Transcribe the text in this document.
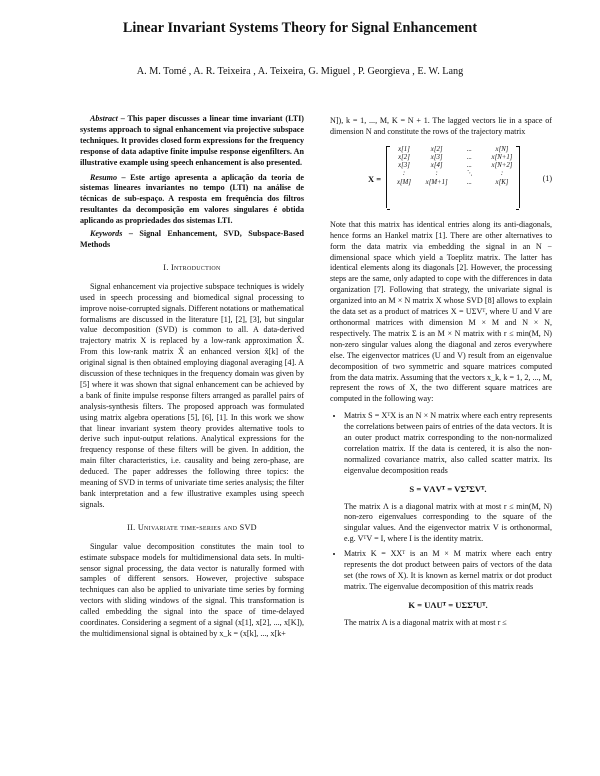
Linear Invariant Systems Theory for Signal Enhancement
A. M. Tomé , A. R. Teixeira , A. Teixeira, G. Miguel , P. Georgieva , E. W. Lang

Abstract – This paper discusses a linear time invariant (LTI) systems approach to signal enhancement via projective subspace techniques. It provides closed form expressions for the frequency response of data adaptive finite impulse response eigenfilters. An illustrative example using speech enhancement is also presented.

Resumo – Este artigo apresenta a aplicação da teoria de sistemas lineares invariantes no tempo (LTI) na análise de técnicas de sub-espaço. A resposta em frequência dos filtros resultantes da decomposição em valores singulares é obtida aplicando as propriedades dos sistemas LTI.

Keywords – Signal Enhancement, SVD, Subspace-Based Methods

I. Introduction

Signal enhancement via projective subspace techniques is widely used in speech processing and biomedical signal processing to improve noise-corrupted signals. Different notations or mathematical formalisms are discussed in the literature [1], [2], [3], but singular value decomposition (SVD) is common to all. A data-derived trajectory matrix X is replaced by a low-rank approximation X̂. From this low-rank matrix X̂ an enhanced version x̂[k] of the original signal is then obtained employing diagonal averaging [4]. A discussion of these techniques in the frequency domain was given by [5] where it was shown that signal enhancement can be achieved by a bank of finite impulse response filters arranged as parallel pairs of analysis-synthesis filters. The proposed approach was formulated using matrix algebra operations [5], [6], [1]. In this work we show that linear invariant system theory provides alternative tools to derive such input-output relations. Analytical expressions for the frequency response of these filters will be given. In addition, the main filter characteristics, i.e. causality and being zero-phase, are deduced. The paper addresses the following three topics: the meaning of SVD in terms of univariate time series analysis; the filter bank interpretation and a few illustrative examples using speech signals.

II. Univariate time-series and SVD

Singular value decomposition constitutes the main tool to estimate subspace models for multidimensional data sets. In multi-sensor signal processing, the data vector is naturally formed with samples of different sensors. However, projective subspace techniques can also be applied to univariate time series by forming vectors with sliding windows of the signal. This transformation is called embedding the signal into the space of time-delayed coordinates. Considering a segment of a signal (x[1], x[2], ..., x[K]), the multidimensional signal is obtained by x_k = (x[k], ..., x[k+

N]), k = 1, ..., M, K = N + 1. The lagged vectors lie in a space of dimension N and constitute the rows of the trajectory matrix

X =
x[1]	x[2]	...	x[N]
x[2]	x[3]	...	x[N+1]
x[3]	x[4]	...	x[N+2]
:	:	⋱	:
x[M]	x[M+1]	...	x[K]	(1)

Note that this matrix has identical entries along its anti-diagonals, hence forms an Hankel matrix [1]. There are other alternatives to form the data matrix via embedding the signal in an N − dimensional space which yield a Toeplitz matrix. The latter has identical elements along its diagonals [2]. However, the processing steps are the same, only adapted to cope with the differences in data organization [7]. Following that strategy, the univariate signal is organized into an M × N matrix X whose SVD [8] allows to explain the data set as a product of matrices X = UΣVᵀ, where U and V are orthonormal matrices with dimension M × M and N × N, respectively. The matrix Σ is an M × N matrix with r ≤ min(M, N) non-zero singular values along the diagonal and zeros everywhere else. The eigenvector matrices (U and V) result from an eigenvalue decomposition of two symmetric and square matrices computed from the data matrix. Assuming that the vectors x_k, k = 1, 2, ..., M, represent the rows of X, the two different square matrices are computed in the following way:

• Matrix S = XᵀX is an N × N matrix where each entry represents the correlations between pairs of entries of the data vectors. It is an outer product matrix corresponding to the non-normalized correlation matrix. If the data is centered, it is also the non-normalized covariance matrix, also called scatter matrix. Its eigenvalue decomposition reads
S = VΛVᵀ = VΣᵀΣVᵀ.
The matrix Λ is a diagonal matrix with at most r ≤ min(M, N) non-zero eigenvalues corresponding to the square of the singular values. And the eigenvector matrix V is orthonormal, e.g. VᵀV = I, where I is the identity matrix.
• Matrix K = XXᵀ is an M × M matrix where each entry represents the dot product between pairs of vectors of the data set (the rows of X). It is known as kernel matrix or dot product matrix. The eigenvalue decomposition of this matrix reads
K = UΛUᵀ = UΣΣᵀUᵀ.
The matrix Λ is a diagonal matrix with at most r ≤
